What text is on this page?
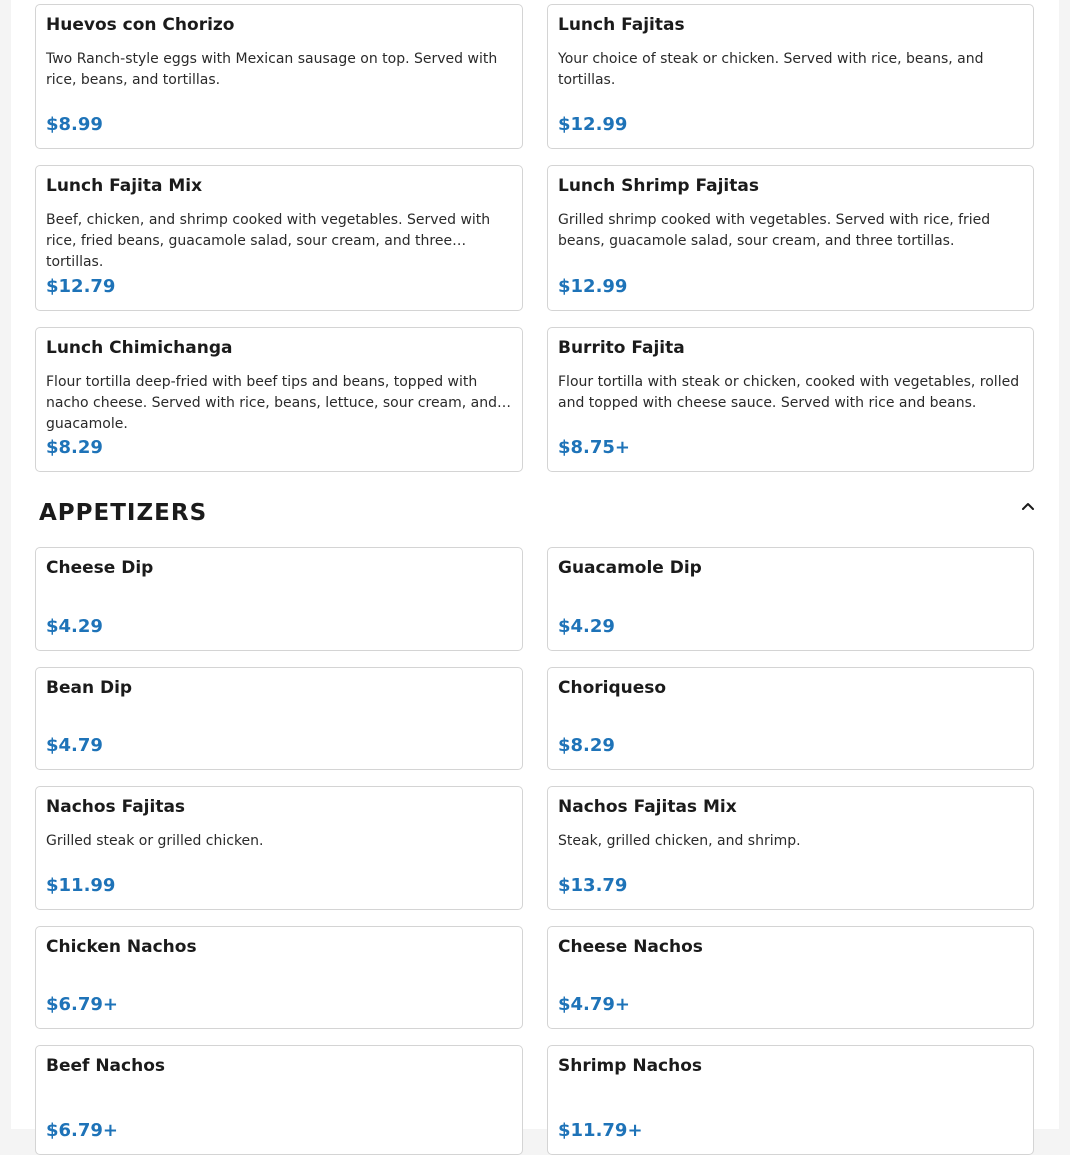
Huevos con Chorizo
Two Ranch-style eggs with Mexican sausage on top. Served with rice, beans, and tortillas.
$8.99
Lunch Fajitas
Your choice of steak or chicken. Served with rice, beans, and tortillas.
$12.99
Lunch Fajita Mix
Beef, chicken, and shrimp cooked with vegetables. Served with rice, fried beans, guacamole salad, sour cream, and three tortillas.
$12.79
Lunch Shrimp Fajitas
Grilled shrimp cooked with vegetables. Served with rice, fried beans, guacamole salad, sour cream, and three tortillas.
$12.99
Lunch Chimichanga
Flour tortilla deep-fried with beef tips and beans, topped with nacho cheese. Served with rice, beans, lettuce, sour cream, and guacamole.
$8.29
Burrito Fajita
Flour tortilla with steak or chicken, cooked with vegetables, rolled and topped with cheese sauce. Served with rice and beans.
$8.75+
APPETIZERS
Cheese Dip
$4.29
Guacamole Dip
$4.29
Bean Dip
$4.79
Choriqueso
$8.29
Nachos Fajitas
Grilled steak or grilled chicken.
$11.99
Nachos Fajitas Mix
Steak, grilled chicken, and shrimp.
$13.79
Chicken Nachos
$6.79+
Cheese Nachos
$4.79+
Beef Nachos
$6.79+
Shrimp Nachos
$11.79+
